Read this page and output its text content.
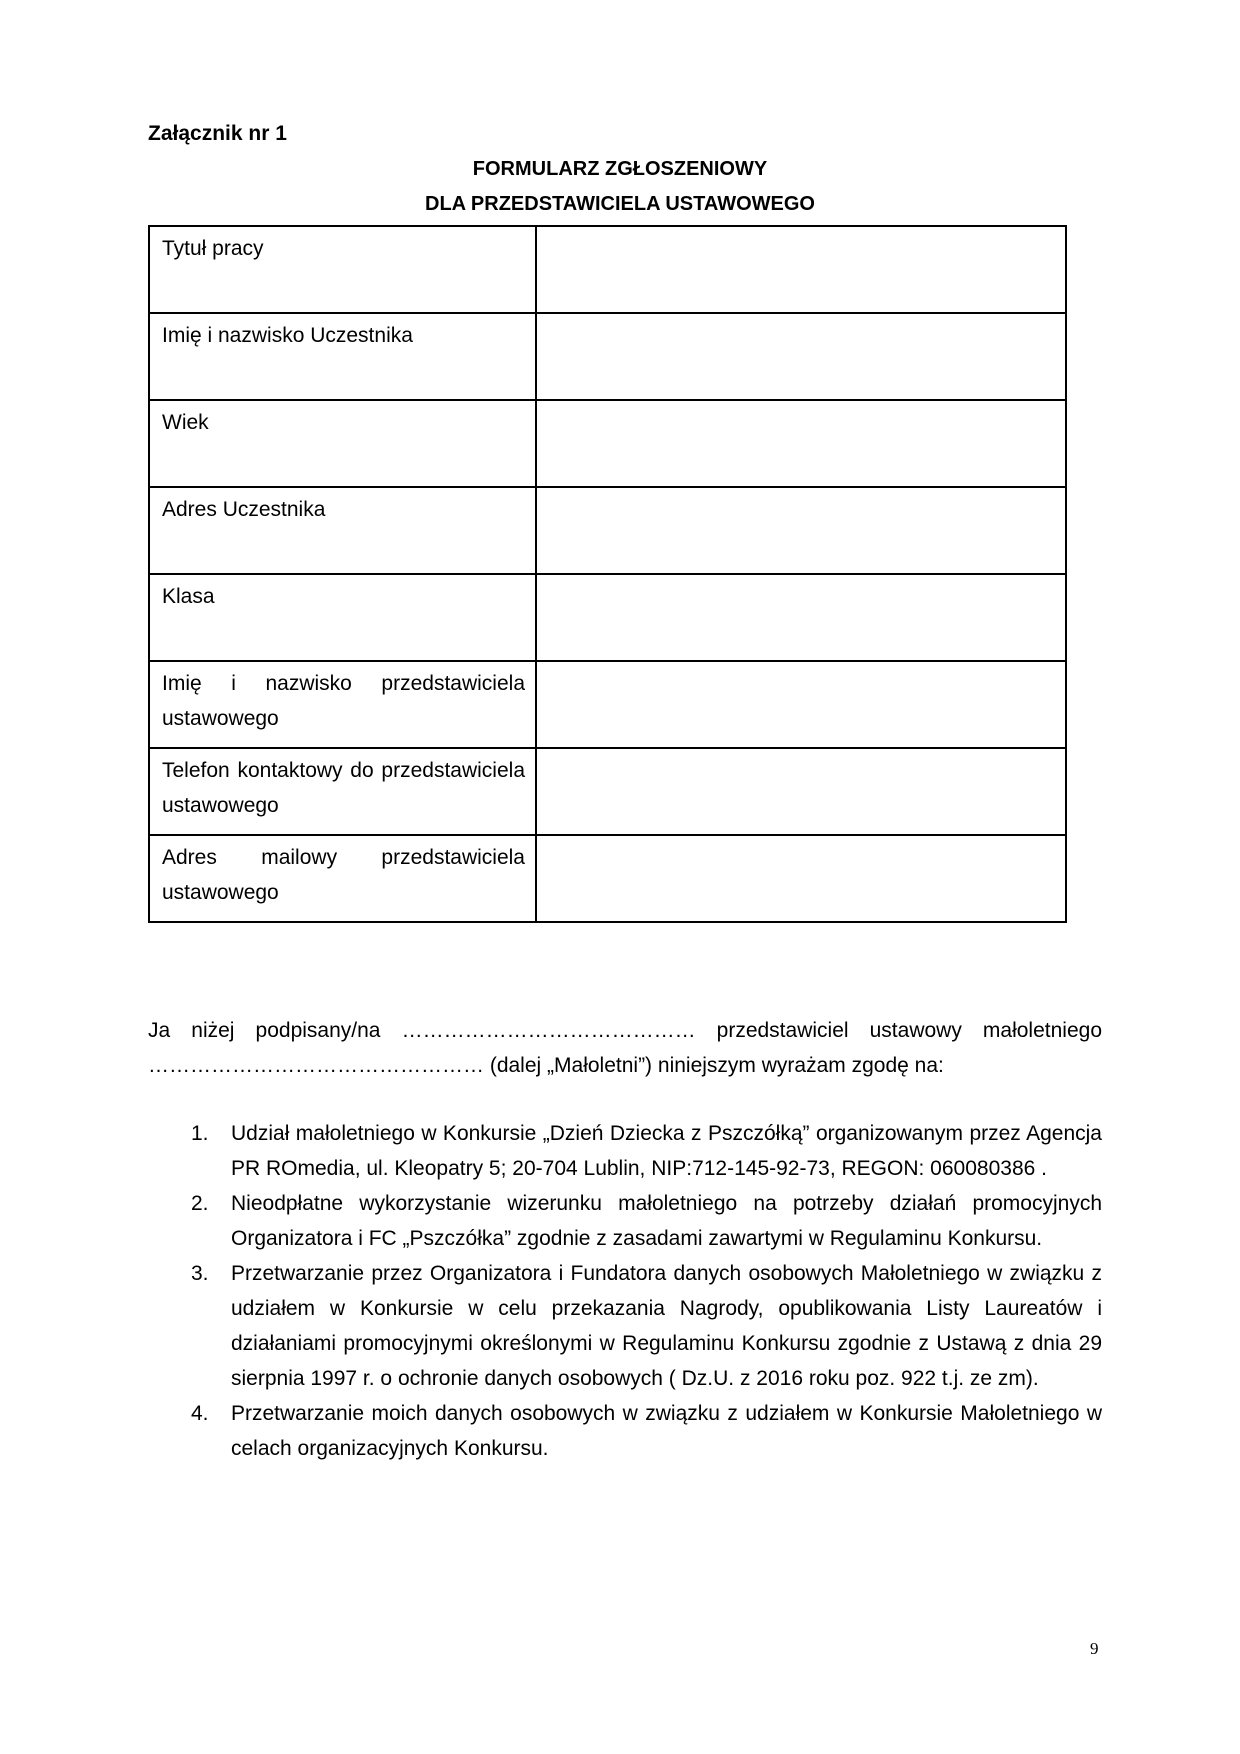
Załącznik nr 1

FORMULARZ ZGŁOSZENIOWY

DLA PRZEDSTAWICIELA USTAWOWEGO

Tytuł pracy	
Imię i nazwisko Uczestnika	
Wiek	
Adres Uczestnika	
Klasa	
Imię i nazwisko przedstawiciela ustawowego	
Telefon kontaktowy do przedstawiciela ustawowego	
Adres mailowy przedstawiciela ustawowego	
Ja niżej podpisany/na …………………………………… przedstawiciel ustawowy małoletniego
………………………………………… (dalej „Małoletni”) niniejszym wyrażam zgodę na:
1. Udział małoletniego w Konkursie „Dzień Dziecka z Pszczółką” organizowanym przez Agencja PR ROmedia, ul. Kleopatry 5; 20-704 Lublin, NIP:712-145-92-73, REGON: 060080386 .
2. Nieodpłatne wykorzystanie wizerunku małoletniego na potrzeby działań promocyjnych Organizatora i FC „Pszczółka” zgodnie z zasadami zawartymi w Regulaminu Konkursu.
3. Przetwarzanie przez Organizatora i Fundatora danych osobowych Małoletniego w związku z udziałem w Konkursie w celu przekazania Nagrody, opublikowania Listy Laureatów i działaniami promocyjnymi określonymi w Regulaminu Konkursu zgodnie z Ustawą z dnia 29 sierpnia 1997 r. o ochronie danych osobowych ( Dz.U. z 2016 roku poz. 922 t.j. ze zm).
4. Przetwarzanie moich danych osobowych w związku z udziałem w Konkursie Małoletniego w celach organizacyjnych Konkursu.

9
